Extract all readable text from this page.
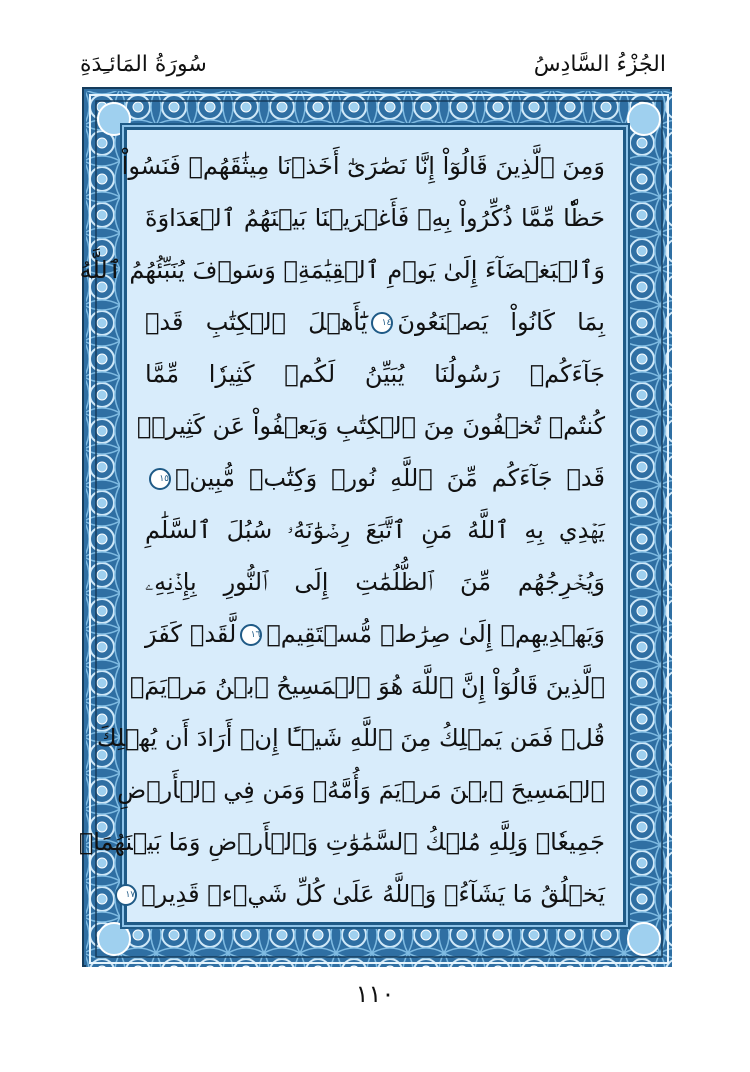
سُورَةُ المَائـِدَةِ	الجُزْءُ السَّادِسُ
وَمِنَ ٱلَّذِينَ قَالُوٓاْ إِنَّا نَصَٰرَىٰٓ أَخَذۡنَا مِيثَٰقَهُمۡ فَنَسُواْ
حَظّٗا مِّمَّا ذُكِّرُواْ بِهِۦ فَأَغۡرَيۡنَا بَيۡنَهُمُ ٱلۡعَدَاوَةَ
وَٱلۡبَغۡضَآءَ إِلَىٰ يَوۡمِ ٱلۡقِيَٰمَةِۚ وَسَوۡفَ يُنَبِّئُهُمُ ٱللَّهُ
بِمَا كَانُواْ يَصۡنَعُونَ١٤يَٰٓأَهۡلَ ٱلۡكِتَٰبِ قَدۡ
جَآءَكُمۡ رَسُولُنَا يُبَيِّنُ لَكُمۡ كَثِيرٗا مِّمَّا
كُنتُمۡ تُخۡفُونَ مِنَ ٱلۡكِتَٰبِ وَيَعۡفُواْ عَن كَثِيرٖۚ
قَدۡ جَآءَكُم مِّنَ ٱللَّهِ نُورٞ وَكِتَٰبٞ مُّبِينٞ١٥
يَهۡدِي بِهِ ٱللَّهُ مَنِ ٱتَّبَعَ رِضۡوَٰنَهُۥ سُبُلَ ٱلسَّلَٰمِ
وَيُخۡرِجُهُم مِّنَ ٱلظُّلُمَٰتِ إِلَى ٱلنُّورِ بِإِذۡنِهِۦ
وَيَهۡدِيهِمۡ إِلَىٰ صِرَٰطٖ مُّسۡتَقِيمٖ١٦لَّقَدۡ كَفَرَ
ٱلَّذِينَ قَالُوٓاْ إِنَّ ٱللَّهَ هُوَ ٱلۡمَسِيحُ ٱبۡنُ مَرۡيَمَۚ
قُلۡ فَمَن يَمۡلِكُ مِنَ ٱللَّهِ شَيۡـًٔا إِنۡ أَرَادَ أَن يُهۡلِكَ
ٱلۡمَسِيحَ ٱبۡنَ مَرۡيَمَ وَأُمَّهُۥ وَمَن فِي ٱلۡأَرۡضِ
جَمِيعٗاۗ وَلِلَّهِ مُلۡكُ ٱلسَّمَٰوَٰتِ وَٱلۡأَرۡضِ وَمَا بَيۡنَهُمَاۚ
يَخۡلُقُ مَا يَشَآءُۚ وَٱللَّهُ عَلَىٰ كُلِّ شَيۡءٖ قَدِيرٞ١٧
١١٠
